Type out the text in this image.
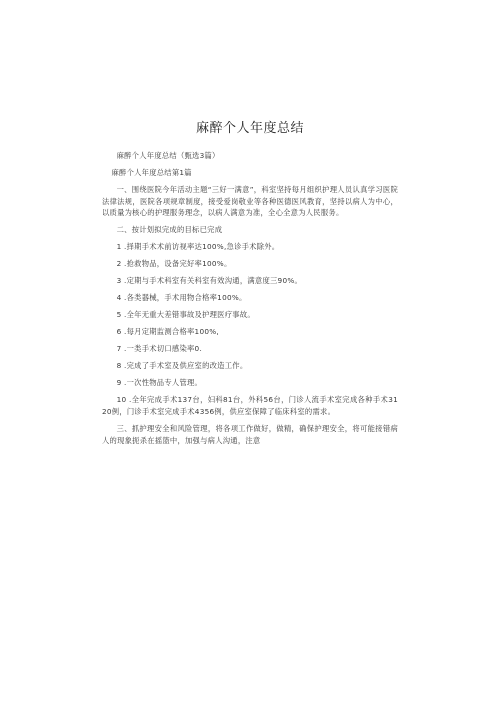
麻醉个人年度总结

麻醉个人年度总结（甄选3篇）

麻醉个人年度总结第1篇

一、围绕医院今年活动主题“三好一满意”，科室坚持每月组织护理人员认真学习医院法律法规，医院各项规章制度，接受爱岗敬业等各种医德医风教育，坚持以病人为中心，以质量为核心的护理服务理念，以病人满意为准，全心全意为人民服务。

二、按计划拟完成的目标已完成

1 .择期手术术前访视率达100%,急诊手术除外。

2 .抢救物品，设备完好率100%。

3 .定期与手术科室有关科室有效沟通，满意度三90%。

4 .各类器械，手术用物合格率100%。

5 .全年无重大差错事故及护理医疗事故。

6 .每月定期监测合格率100%,

7 .一类手术切口感染率0.

8 .完成了手术室及供应室的改造工作。

9 .一次性物品专人管理。

10 .全年完成手术137台，妇科81台，外科56台，门诊人流手术室完成各种手术3120例，门诊手术室完成手术4356例，供应室保障了临床科室的需求。

三、抓护理安全和风险管理，将各项工作做好，做精，确保护理安全，将可能接错病人的现象扼杀在摇篮中，加强与病人沟通，注意
